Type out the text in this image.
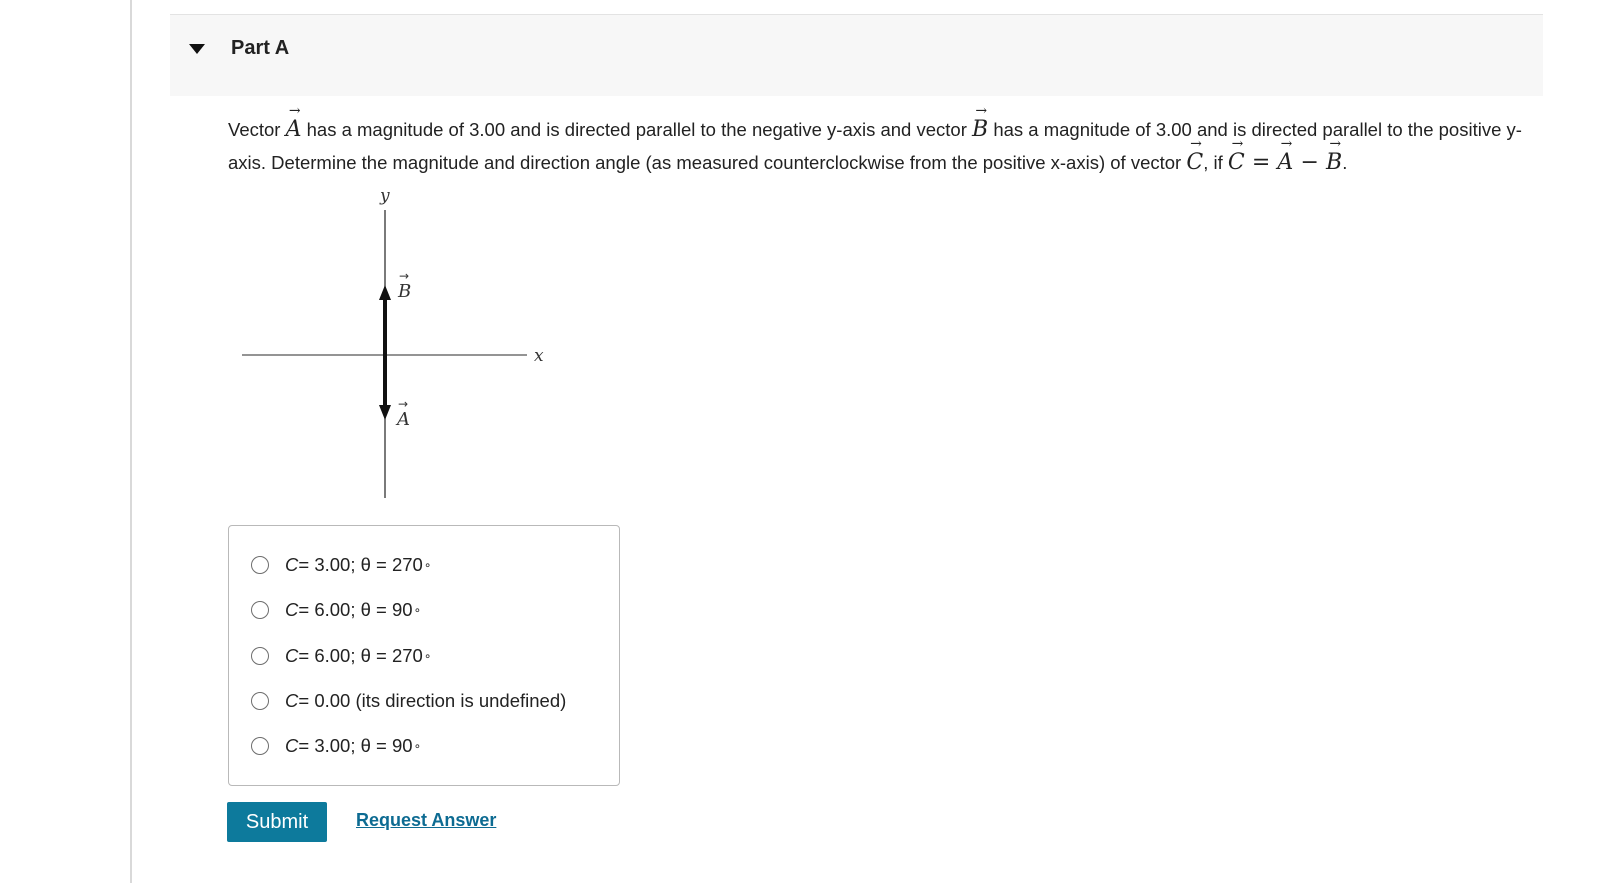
Part A
Vector
→
A has a magnitude of 3.00 and is directed parallel to the negative y-axis and vector
→
B has a magnitude of 3.00 and is directed parallel to the positive y-axis. Determine the magnitude and direction angle (as measured counterclockwise from the positive x-axis) of vector
→
C, if
→
C =
→
A −
→
B.
y
x
B
→
A
→
C = 3.00; θ = 270 ∘
C = 6.00; θ = 90 ∘
C = 6.00; θ = 270 ∘
C = 0.00 (its direction is undefined)
C = 3.00; θ = 90 ∘
Submit	Request Answer
